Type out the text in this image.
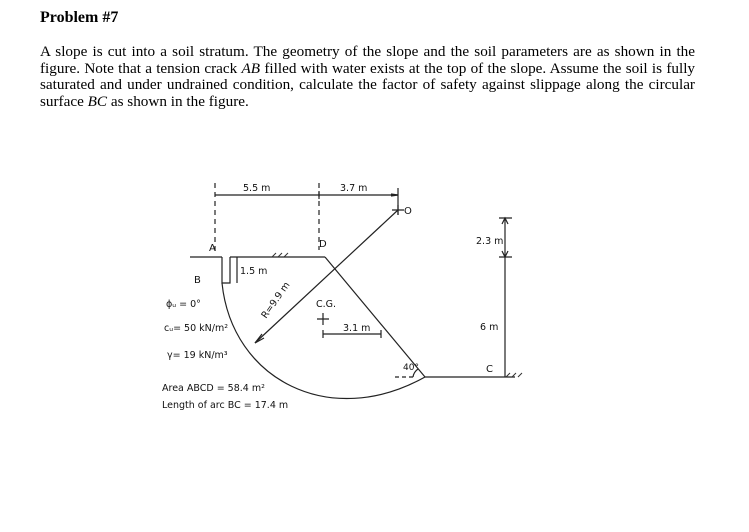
Problem #7
A slope is cut into a soil stratum. The geometry of the slope and the soil parameters are as shown in the figure. Note that a tension crack AB filled with water exists at the top of the slope. Assume the soil is fully saturated and under undrained condition, calculate the factor of safety against slippage along the circular surface BC as shown in the figure.
5.5 m	3.7 m
O
A	D	2.3 m
1.5 m
B
ϕᵤ = 0°
cᵤ= 50 kN/m²
γ= 19 kN/m³
R=9.9 m C.G.
3.1 m	6 m
40°	C
Area ABCD = 58.4 m²
Length of arc BC = 17.4 m
